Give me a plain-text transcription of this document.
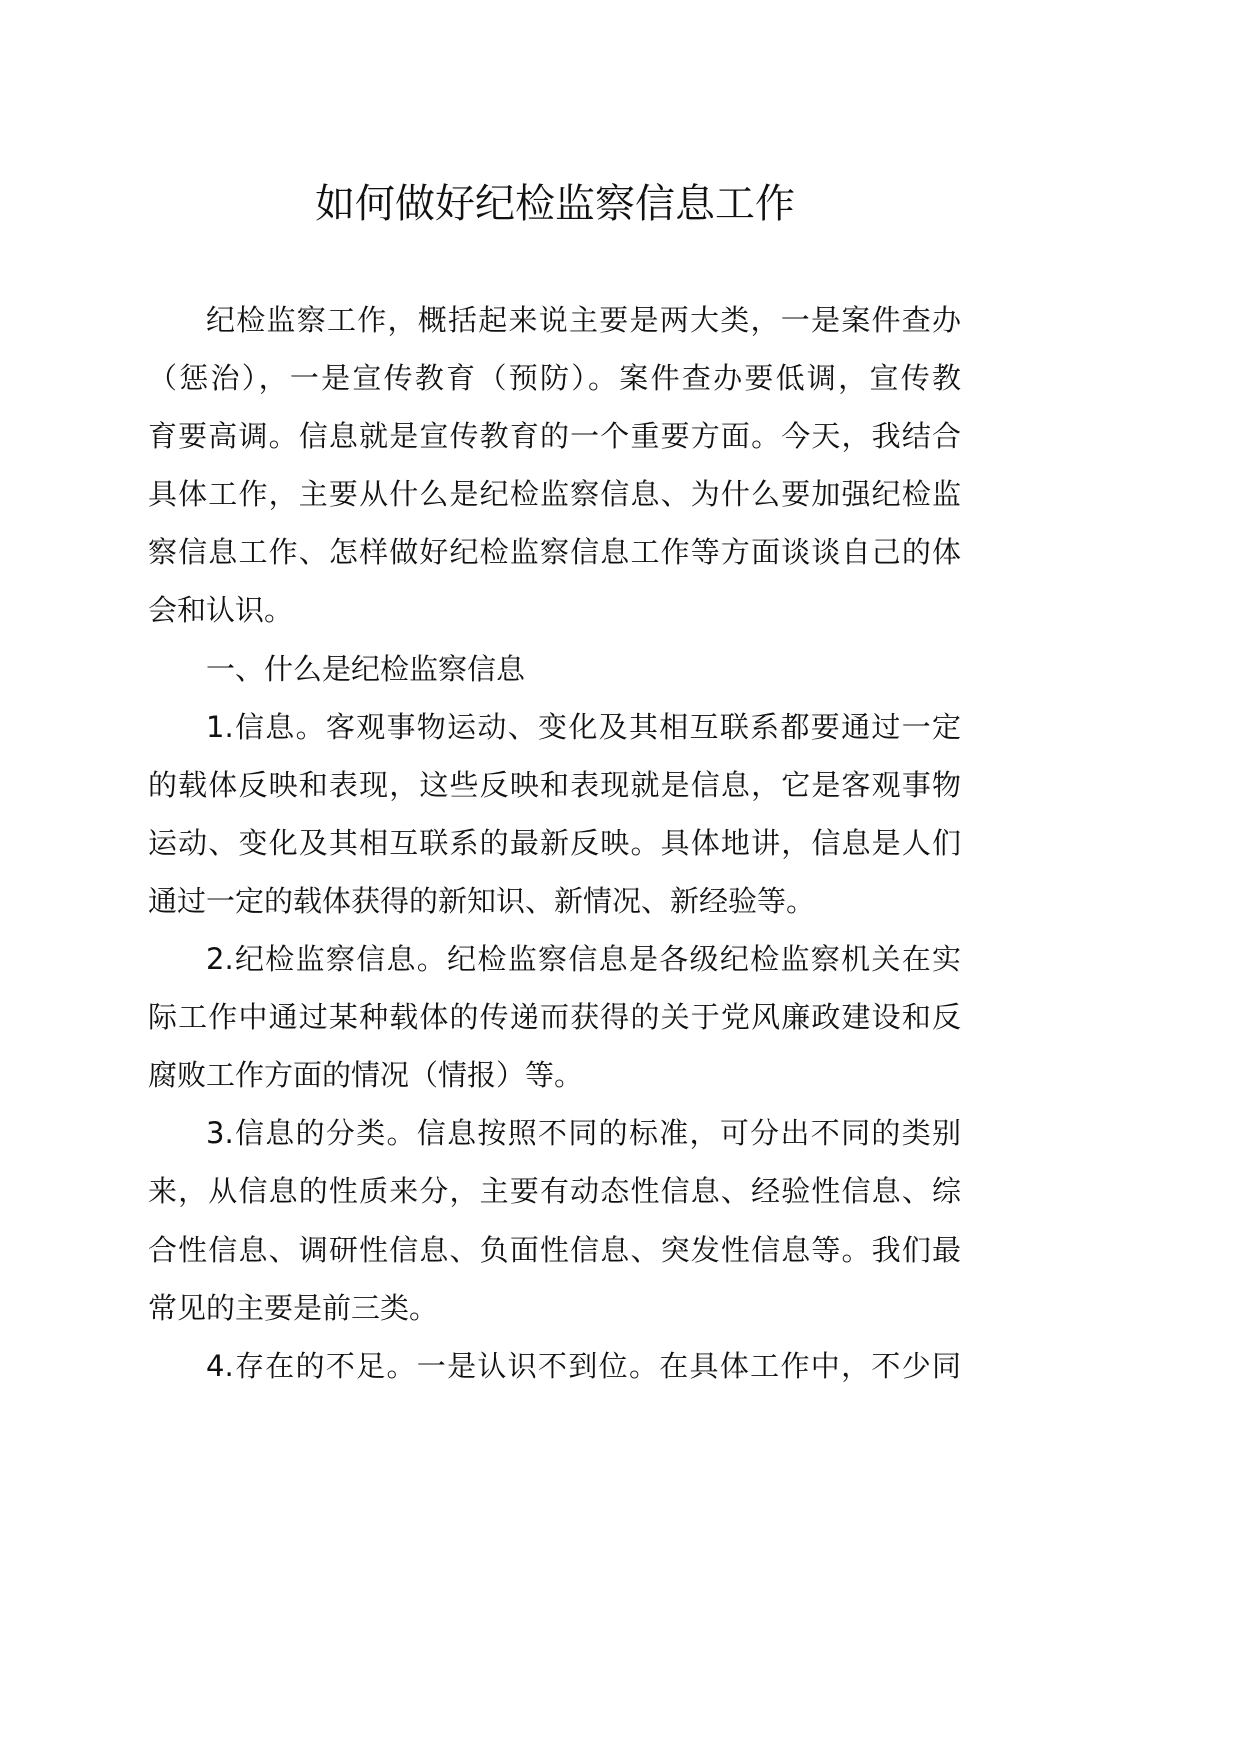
如何做好纪检监察信息工作
纪检监察工作，概括起来说主要是两大类，一是案件查办
（惩治），一是宣传教育（预防）。案件查办要低调，宣传教
育要高调。信息就是宣传教育的一个重要方面。今天，我结合
具体工作，主要从什么是纪检监察信息、为什么要加强纪检监
察信息工作、怎样做好纪检监察信息工作等方面谈谈自己的体
会和认识。
一、什么是纪检监察信息
1.信息。客观事物运动、变化及其相互联系都要通过一定
的载体反映和表现，这些反映和表现就是信息，它是客观事物
运动、变化及其相互联系的最新反映。具体地讲，信息是人们
通过一定的载体获得的新知识、新情况、新经验等。
2.纪检监察信息。纪检监察信息是各级纪检监察机关在实
际工作中通过某种载体的传递而获得的关于党风廉政建设和反
腐败工作方面的情况（情报）等。
3.信息的分类。信息按照不同的标准，可分出不同的类别
来，从信息的性质来分，主要有动态性信息、经验性信息、综
合性信息、调研性信息、负面性信息、突发性信息等。我们最
常见的主要是前三类。
4.存在的不足。一是认识不到位。在具体工作中，不少同
